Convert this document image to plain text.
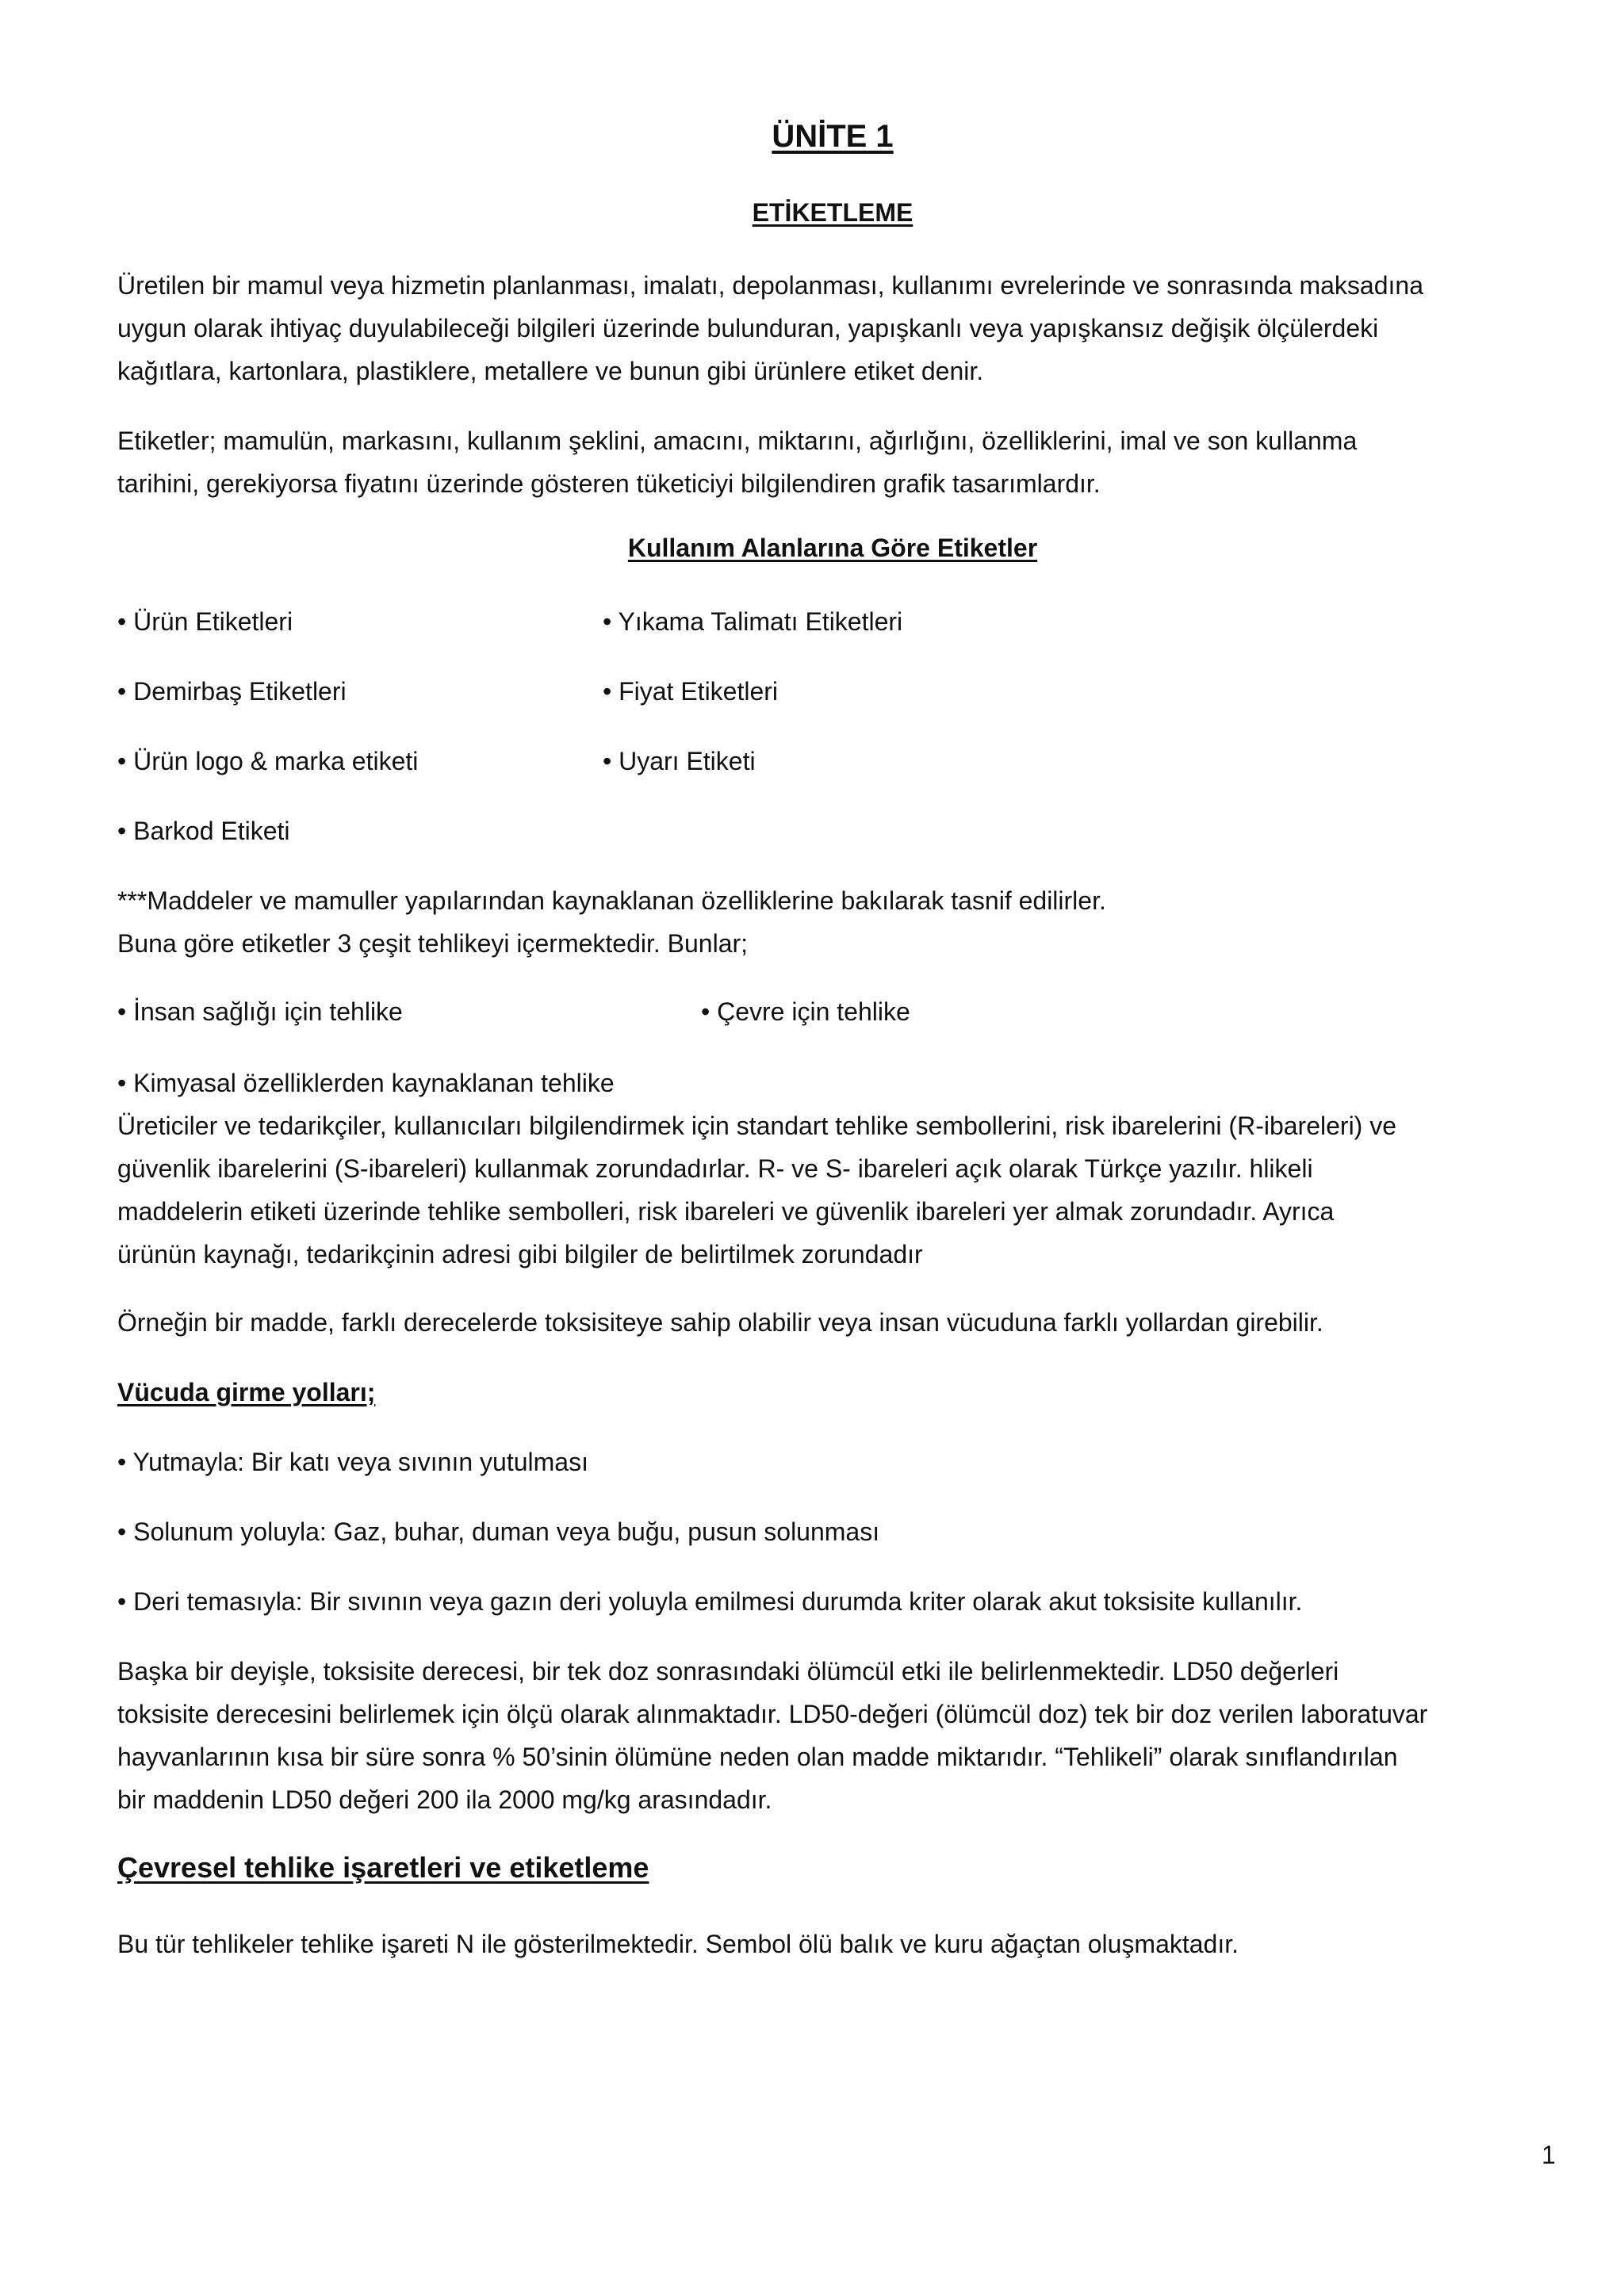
ÜNİTE 1
ETİKETLEME
Üretilen bir mamul veya hizmetin planlanması, imalatı, depolanması, kullanımı evrelerinde ve sonrasında maksadına
uygun olarak ihtiyaç duyulabileceği bilgileri üzerinde bulunduran, yapışkanlı veya yapışkansız değişik ölçülerdeki
kağıtlara, kartonlara, plastiklere, metallere ve bunun gibi ürünlere etiket denir.
Etiketler; mamulün, markasını, kullanım şeklini, amacını, miktarını, ağırlığını, özelliklerini, imal ve son kullanma
tarihini, gerekiyorsa fiyatını üzerinde gösteren tüketiciyi bilgilendiren grafik tasarımlardır.
Kullanım Alanlarına Göre Etiketler
• Ürün Etiketleri	• Yıkama Talimatı Etiketleri
• Demirbaş Etiketleri	• Fiyat Etiketleri
• Ürün logo & marka etiketi	• Uyarı Etiketi
• Barkod Etiketi
***Maddeler ve mamuller yapılarından kaynaklanan özelliklerine bakılarak tasnif edilirler.
Buna göre etiketler 3 çeşit tehlikeyi içermektedir. Bunlar;
• İnsan sağlığı için tehlike	• Çevre için tehlike
• Kimyasal özelliklerden kaynaklanan tehlike
Üreticiler ve tedarikçiler, kullanıcıları bilgilendirmek için standart tehlike sembollerini, risk ibarelerini (R-ibareleri) ve
güvenlik ibarelerini (S-ibareleri) kullanmak zorundadırlar. R- ve S- ibareleri açık olarak Türkçe yazılır. hlikeli
maddelerin etiketi üzerinde tehlike sembolleri, risk ibareleri ve güvenlik ibareleri yer almak zorundadır. Ayrıca
ürünün kaynağı, tedarikçinin adresi gibi bilgiler de belirtilmek zorundadır
Örneğin bir madde, farklı derecelerde toksisiteye sahip olabilir veya insan vücuduna farklı yollardan girebilir.
Vücuda girme yolları;
• Yutmayla: Bir katı veya sıvının yutulması
• Solunum yoluyla: Gaz, buhar, duman veya buğu, pusun solunması
• Deri temasıyla: Bir sıvının veya gazın deri yoluyla emilmesi durumda kriter olarak akut toksisite kullanılır.
Başka bir deyişle, toksisite derecesi, bir tek doz sonrasındaki ölümcül etki ile belirlenmektedir. LD50 değerleri
toksisite derecesini belirlemek için ölçü olarak alınmaktadır. LD50-değeri (ölümcül doz) tek bir doz verilen laboratuvar
hayvanlarının kısa bir süre sonra % 50’sinin ölümüne neden olan madde miktarıdır. “Tehlikeli” olarak sınıflandırılan
bir maddenin LD50 değeri 200 ila 2000 mg/kg arasındadır.
Çevresel tehlike işaretleri ve etiketleme
Bu tür tehlikeler tehlike işareti N ile gösterilmektedir. Sembol ölü balık ve kuru ağaçtan oluşmaktadır.
1
